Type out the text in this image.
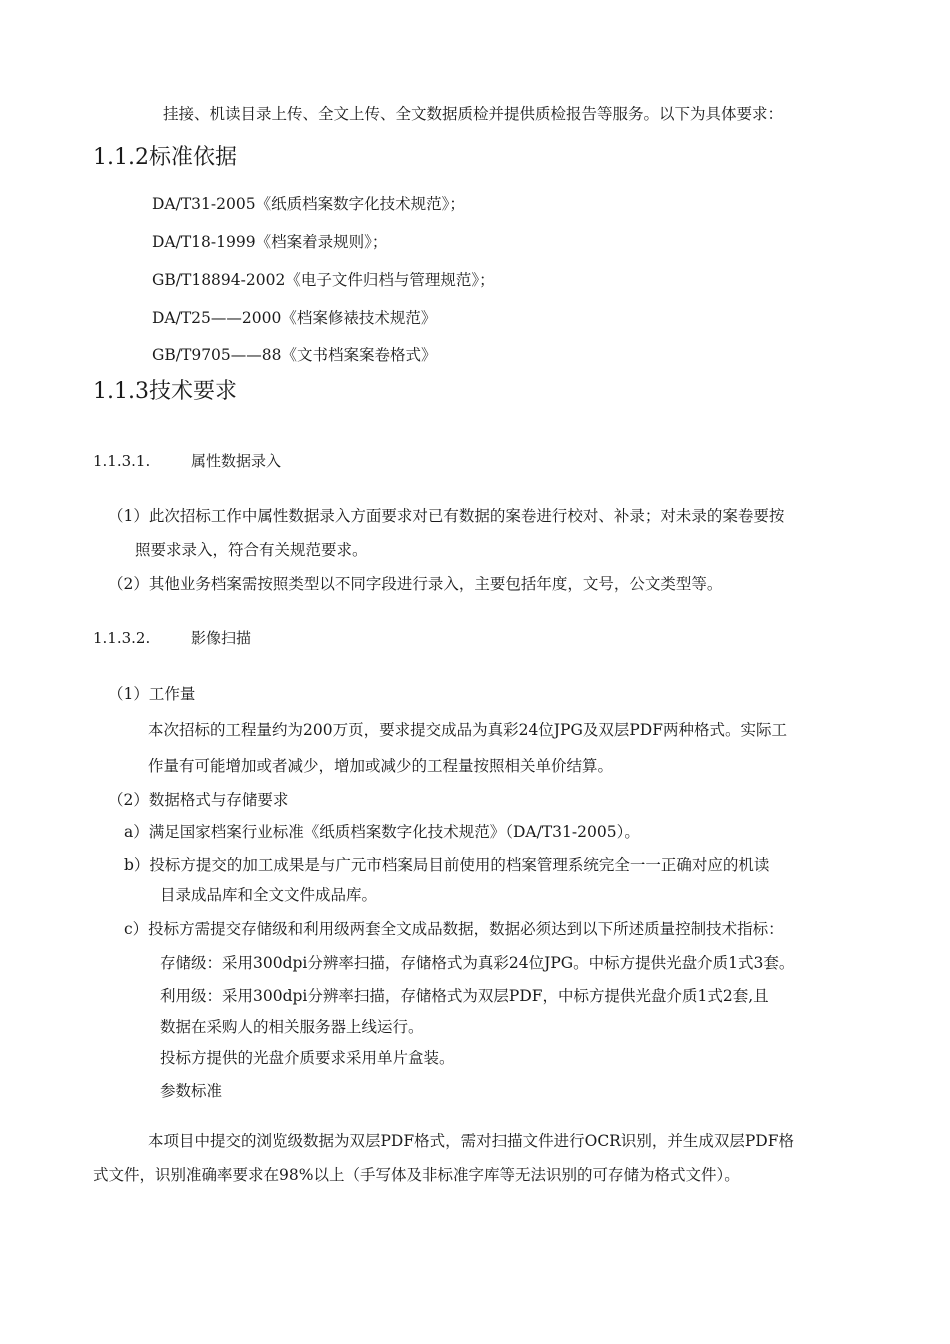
挂接、机读目录上传、全文上传、全文数据质检并提供质检报告等服务。以下为具体要求：
1.1.2标准依据
DA/T31-2005《纸质档案数字化技术规范》；
DA/T18-1999《档案着录规则》；
GB/T18894-2002《电子文件归档与管理规范》；
DA/T25——2000《档案修裱技术规范》
GB/T9705——88《文书档案案卷格式》
1.1.3技术要求
1.1.3.1.	属性数据录入
（1）此次招标工作中属性数据录入方面要求对已有数据的案卷进行校对、补录；对未录的案卷要按
照要求录入，符合有关规范要求。
（2）其他业务档案需按照类型以不同字段进行录入，主要包括年度，文号，公文类型等。
1.1.3.2.	影像扫描
（1）工作量
本次招标的工程量约为200万页，要求提交成品为真彩24位JPG及双层PDF两种格式。实际工
作量有可能增加或者减少，增加或减少的工程量按照相关单价结算。
（2）数据格式与存储要求
a）满足国家档案行业标准《纸质档案数字化技术规范》（DA/T31-2005）。
b）投标方提交的加工成果是与广元市档案局目前使用的档案管理系统完全一一正确对应的机读
目录成品库和全文文件成品库。
c）投标方需提交存储级和利用级两套全文成品数据，数据必须达到以下所述质量控制技术指标：
存储级：采用300dpi分辨率扫描，存储格式为真彩24位JPG。中标方提供光盘介质1式3套。
利用级：采用300dpi分辨率扫描，存储格式为双层PDF，中标方提供光盘介质1式2套,且
数据在采购人的相关服务器上线运行。
投标方提供的光盘介质要求采用单片盒装。
参数标准
本项目中提交的浏览级数据为双层PDF格式，需对扫描文件进行OCR识别，并生成双层PDF格
式文件，识别准确率要求在98%以上（手写体及非标准字库等无法识别的可存储为格式文件）。
